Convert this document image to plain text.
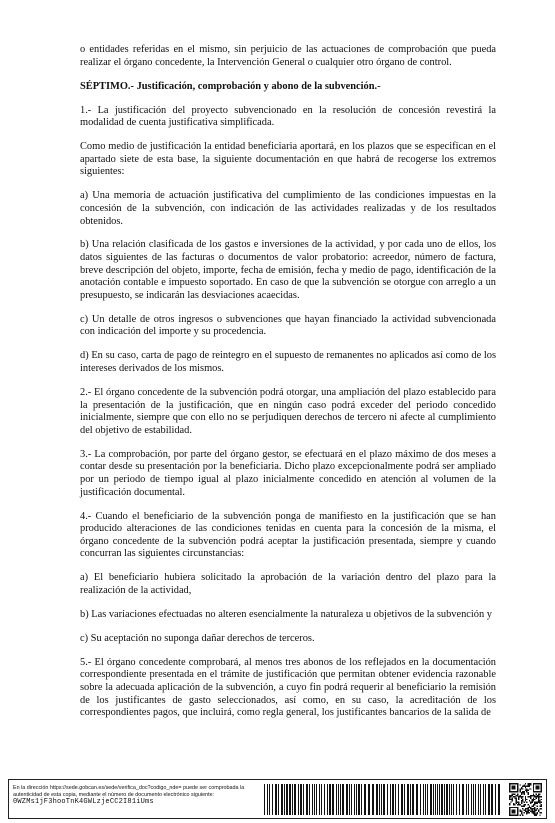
o entidades referidas en el mismo, sin perjuicio de las actuaciones de comprobación que pueda realizar el órgano concedente, la Intervención General o cualquier otro órgano de control.

SÉPTIMO.- Justificación, comprobación y abono de la subvención.-

1.- La justificación del proyecto subvencionado en la resolución de concesión revestirá la modalidad de cuenta justificativa simplificada.

Como medio de justificación la entidad beneficiaria aportará, en los plazos que se especifican en el apartado siete de esta base, la siguiente documentación en que habrá de recogerse los extremos siguientes:

a) Una memoria de actuación justificativa del cumplimiento de las condiciones impuestas en la concesión de la subvención, con indicación de las actividades realizadas y de los resultados obtenidos.

b) Una relación clasificada de los gastos e inversiones de la actividad, y por cada uno de ellos, los datos siguientes de las facturas o documentos de valor probatorio: acreedor, número de factura, breve descripción del objeto, importe, fecha de emisión, fecha y medio de pago, identificación de la anotación contable e impuesto soportado. En caso de que la subvención se otorgue con arreglo a un presupuesto, se indicarán las desviaciones acaecidas.

c) Un detalle de otros ingresos o subvenciones que hayan financiado la actividad subvencionada con indicación del importe y su procedencia.

d) En su caso, carta de pago de reintegro en el supuesto de remanentes no aplicados así como de los intereses derivados de los mismos.

2.- El órgano concedente de la subvención podrá otorgar, una ampliación del plazo establecido para la presentación de la justificación, que en ningún caso podrá exceder del periodo concedido inicialmente, siempre que con ello no se perjudiquen derechos de tercero ni afecte al cumplimiento del objetivo de estabilidad.

3.- La comprobación, por parte del órgano gestor, se efectuará en el plazo máximo de dos meses a contar desde su presentación por la beneficiaria. Dicho plazo excepcionalmente podrá ser ampliado por un periodo de tiempo igual al plazo inicialmente concedido en atención al volumen de la justificación documental.

4.- Cuando el beneficiario de la subvención ponga de manifiesto en la justificación que se han producido alteraciones de las condiciones tenidas en cuenta para la concesión de la misma, el órgano concedente de la subvención podrá aceptar la justificación presentada, siempre y cuando concurran las siguientes circunstancias:

a) El beneficiario hubiera solicitado la aprobación de la variación dentro del plazo para la realización de la actividad,

b) Las variaciones efectuadas no alteren esencialmente la naturaleza u objetivos de la subvención y

c) Su aceptación no suponga dañar derechos de terceros.

5.- El órgano concedente comprobará, al menos tres abonos de los reflejados en la documentación correspondiente presentada en el trámite de justificación que permitan obtener evidencia razonable sobre la adecuada aplicación de la subvención, a cuyo fin podrá requerir al beneficiario la remisión de los justificantes de gasto seleccionados, así como, en su caso, la acreditación de los correspondientes pagos, que incluirá, como regla general, los justificantes bancarios de la salida de

En la dirección https://sede.gobcan.es/sede/verifica_doc?codigo_nde= puede ser comprobada la autenticidad de esta copia, mediante el número de documento electrónico siguiente: 0WZMs1jF3hooTnK4GWLzjeCC2I81iUms
